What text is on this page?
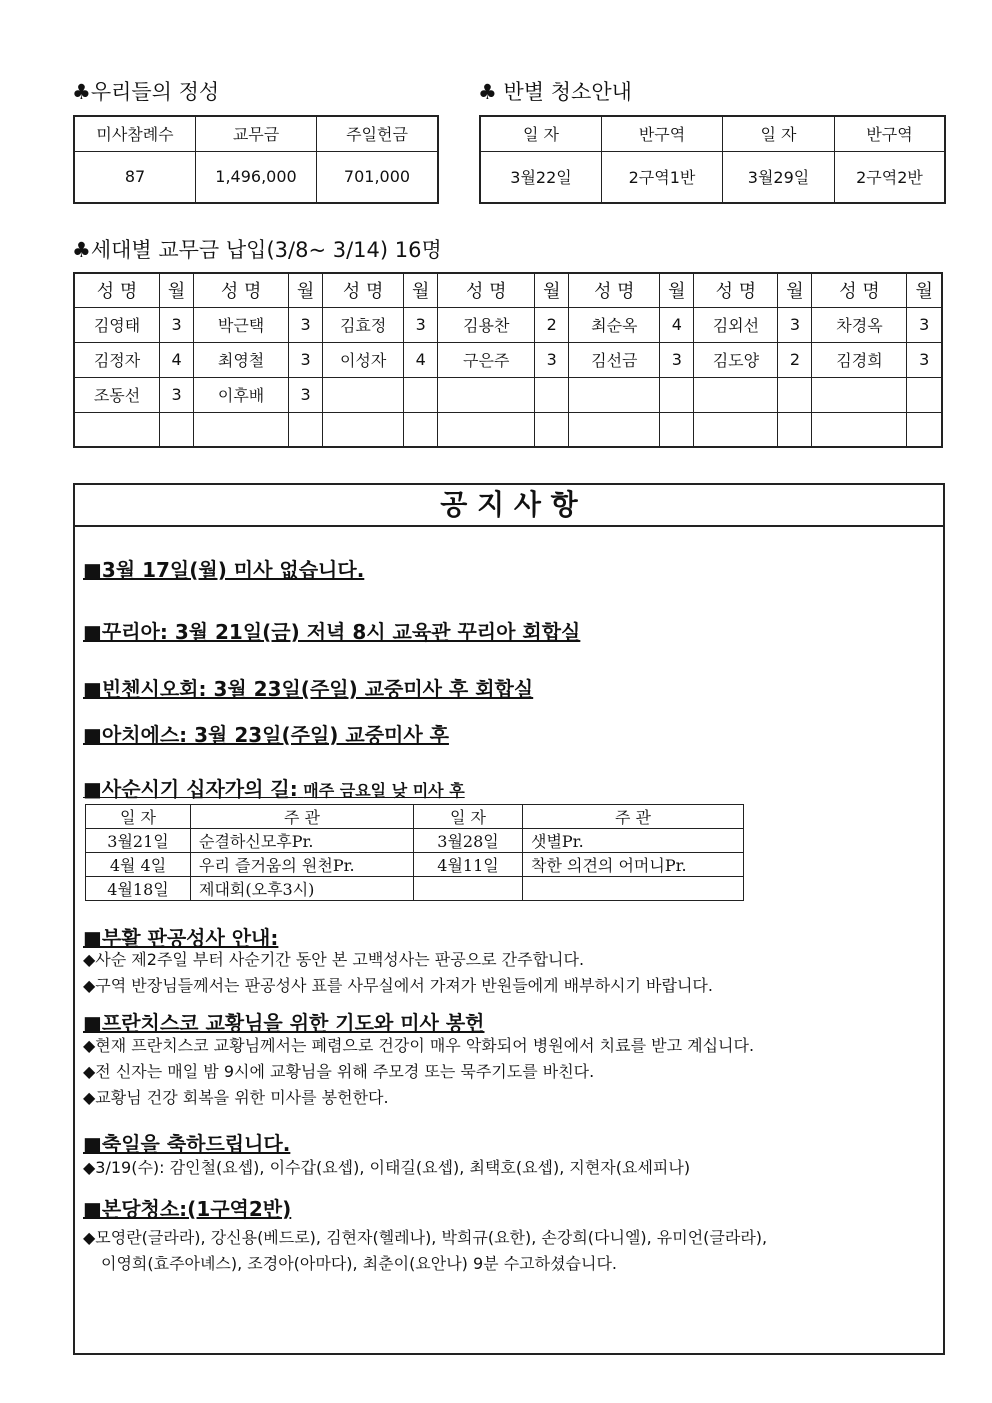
♣우리들의 정성
미사참례수	교무금	주일헌금
87	1,496,000	701,000
♣ 반별 청소안내
일 자	반구역	일 자	반구역
3월22일	2구역1반	3월29일	2구역2반
♣세대별 교무금 납입(3/8~ 3/14) 16명
성 명	월	성 명	월	성 명	월	성 명	월	성 명	월	성 명	월	성 명	월
김영태	3	박근택	3	김효정	3	김용찬	2	최순옥	4	김외선	3	차경옥	3
김정자	4	최영철	3	이성자	4	구은주	3	김선금	3	김도양	2	김경희	3
조동선	3	이후배	3										

공 지 사 항
■3월 17일(월) 미사 없습니다.
■꾸리아: 3월 21일(금) 저녁 8시 교육관 꾸리아 회합실
■빈첸시오회: 3월 23일(주일) 교중미사 후 회합실
■아치에스: 3월 23일(주일) 교중미사 후
■사순시기 십자가의 길: 매주 금요일 낮 미사 후
일 자	주 관	일 자	주 관
3월21일	순결하신모후Pr.	3월28일	샛별Pr.
4월 4일	우리 즐거움의 원천Pr.	4월11일	착한 의견의 어머니Pr.
4월18일	제대회(오후3시)		
■부활 판공성사 안내:
◆사순 제2주일 부터 사순기간 동안 본 고백성사는 판공으로 간주합니다.
◆구역 반장님들께서는 판공성사 표를 사무실에서 가져가 반원들에게 배부하시기 바랍니다.
■프란치스코 교황님을 위한 기도와 미사 봉헌
◆현재 프란치스코 교황님께서는 폐렴으로 건강이 매우 악화되어 병원에서 치료를 받고 계십니다.
◆전 신자는 매일 밤 9시에 교황님을 위해 주모경 또는 묵주기도를 바친다.
◆교황님 건강 회복을 위한 미사를 봉헌한다.
■축일을 축하드립니다.
◆3/19(수): 감인철(요셉), 이수갑(요셉), 이태길(요셉), 최택호(요셉), 지현자(요세피나)
■본당청소:(1구역2반)
◆모영란(글라라), 강신용(베드로), 김현자(헬레나), 박희규(요한), 손강희(다니엘), 유미언(글라라),
이영희(효주아녜스), 조경아(아마다), 최춘이(요안나) 9분 수고하셨습니다.
